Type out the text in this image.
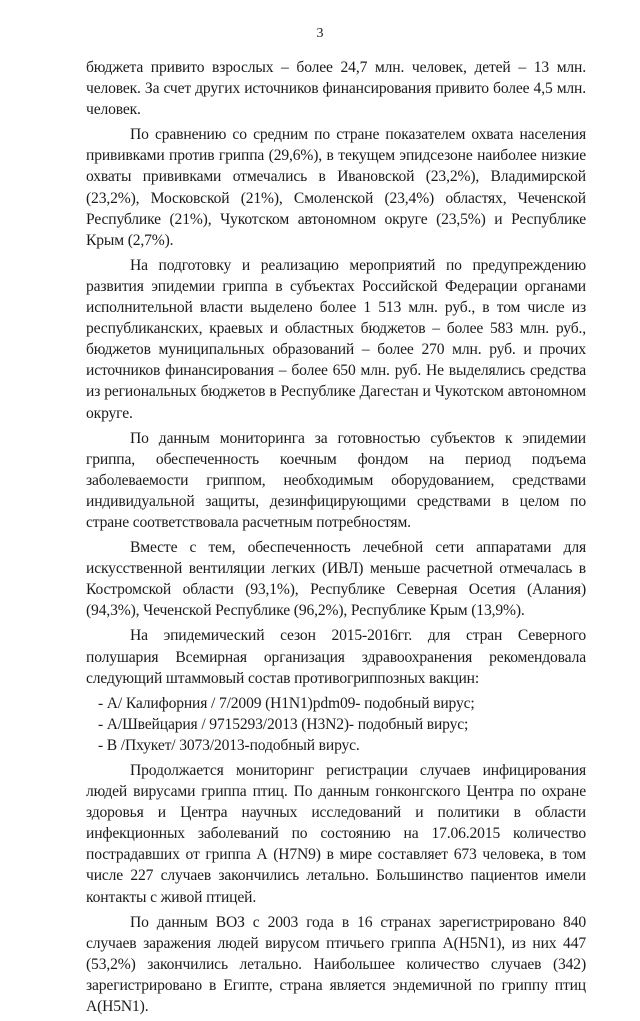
3

бюджета привито взрослых – более 24,7 млн. человек, детей – 13 млн. человек. За счет других источников финансирования привито более 4,5 млн. человек.

По сравнению со средним по стране показателем охвата населения прививками против гриппа (29,6%), в текущем эпидсезоне наиболее низкие охваты прививками отмечались в Ивановской (23,2%), Владимирской (23,2%), Московской (21%), Смоленской (23,4%) областях, Чеченской Республике (21%), Чукотском автономном округе (23,5%) и Республике Крым (2,7%).

На подготовку и реализацию мероприятий по предупреждению развития эпидемии гриппа в субъектах Российской Федерации органами исполнительной власти выделено более 1 513 млн. руб., в том числе из республиканских, краевых и областных бюджетов – более 583 млн. руб., бюджетов муниципальных образований – более 270 млн. руб. и прочих источников финансирования – более 650 млн. руб. Не выделялись средства из региональных бюджетов в Республике Дагестан и Чукотском автономном округе.

По данным мониторинга за готовностью субъектов к эпидемии гриппа, обеспеченность коечным фондом на период подъема заболеваемости гриппом, необходимым оборудованием, средствами индивидуальной защиты, дезинфицирующими средствами в целом по стране соответствовала расчетным потребностям.

Вместе с тем, обеспеченность лечебной сети аппаратами для искусственной вентиляции легких (ИВЛ) меньше расчетной отмечалась в Костромской области (93,1%), Республике Северная Осетия (Алания) (94,3%), Чеченской Республике (96,2%), Республике Крым (13,9%).

На эпидемический сезон 2015-2016гг. для стран Северного полушария Всемирная организация здравоохранения рекомендовала следующий штаммовый состав противогриппозных вакцин:

- А/ Калифорния / 7/2009 (H1N1)pdm09- подобный вирус;
- А/Швейцария / 9715293/2013 (H3N2)- подобный вирус;
- В /Пхукет/ 3073/2013-подобный вирус.

Продолжается мониторинг регистрации случаев инфицирования людей вирусами гриппа птиц. По данным гонконгского Центра по охране здоровья и Центра научных исследований и политики в области инфекционных заболеваний по состоянию на 17.06.2015 количество пострадавших от гриппа А (H7N9) в мире составляет 673 человека, в том числе 227 случаев закончились летально. Большинство пациентов имели контакты с живой птицей.

По данным ВОЗ с 2003 года в 16 странах зарегистрировано 840 случаев заражения людей вирусом птичьего гриппа A(H5N1), из них 447 (53,2%) закончились летально. Наибольшее количество случаев (342) зарегистрировано в Египте, страна является эндемичной по гриппу птиц A(H5N1).
